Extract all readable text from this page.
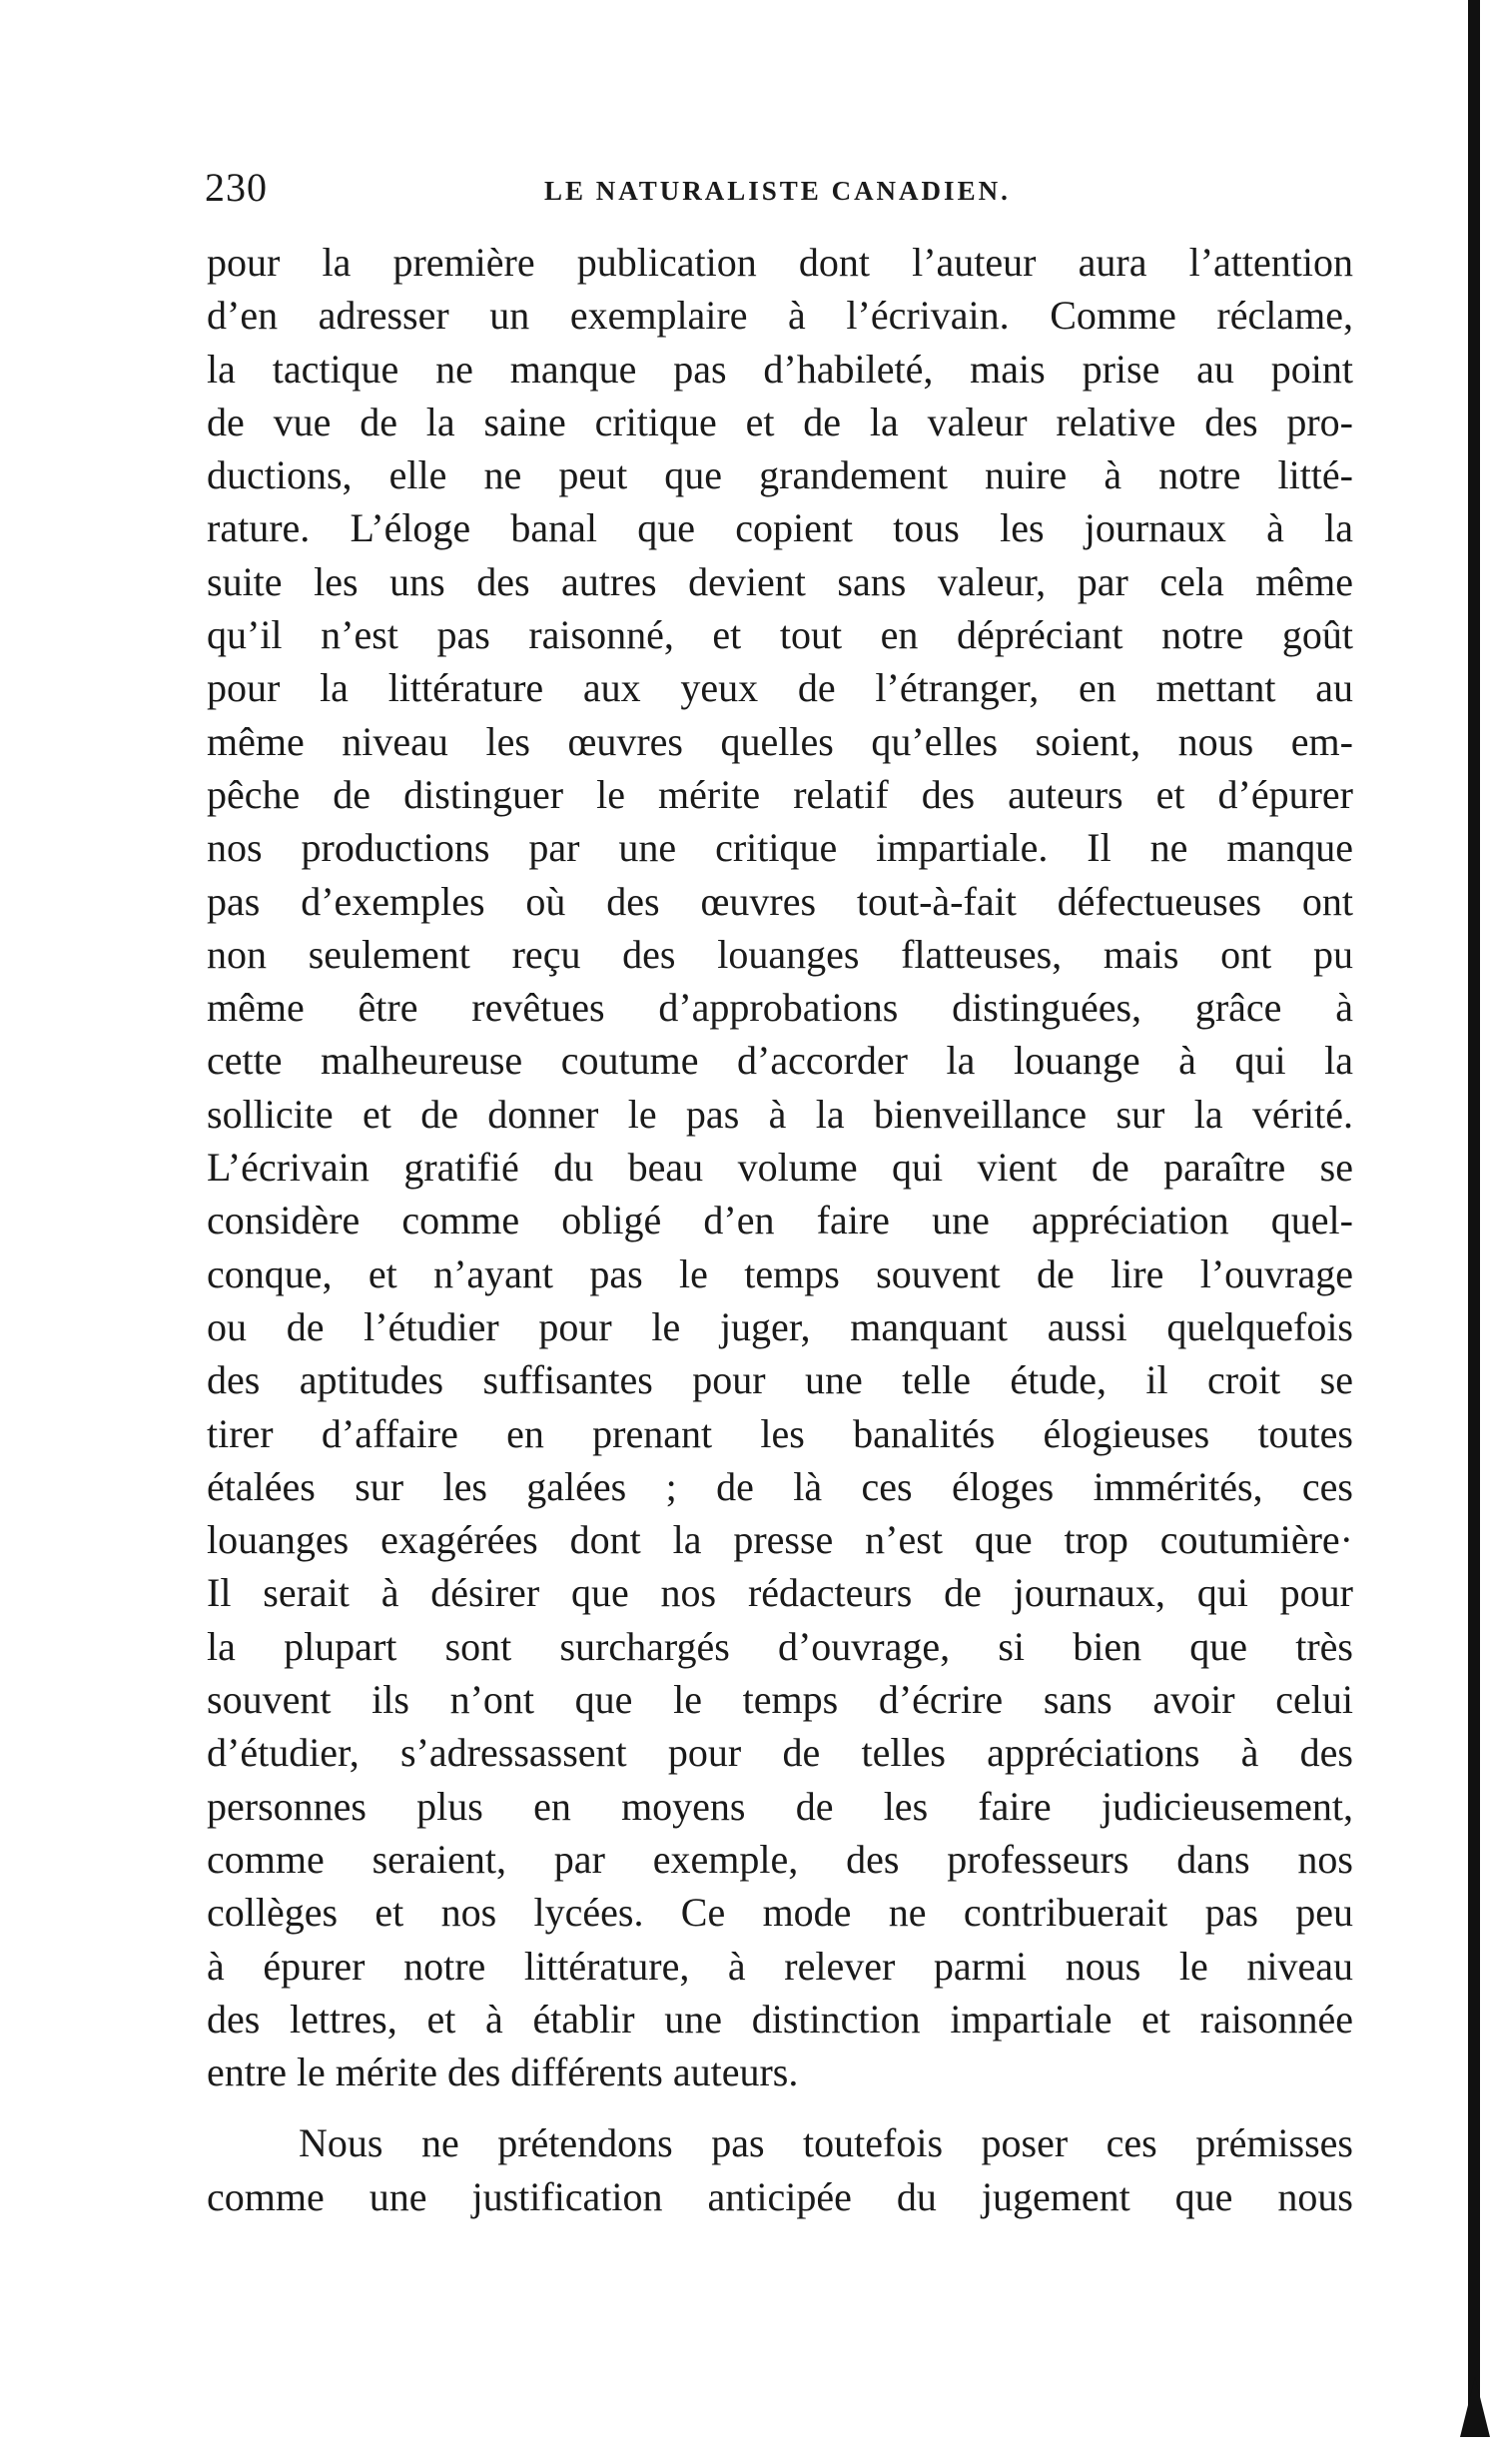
230	LE NATURALISTE CANADIEN.
pour la première publication dont l’auteur aura l’attention
d’en adresser un exemplaire à l’écrivain. Comme réclame,
la tactique ne manque pas d’habileté, mais prise au point
de vue de la saine critique et de la valeur relative des pro-
ductions, elle ne peut que grandement nuire à notre litté-
rature. L’éloge banal que copient tous les journaux à la
suite les uns des autres devient sans valeur, par cela même
qu’il n’est pas raisonné, et tout en dépréciant notre goût
pour la littérature aux yeux de l’étranger, en mettant au
même niveau les œuvres quelles qu’elles soient, nous em-
pêche de distinguer le mérite relatif des auteurs et d’épurer
nos productions par une critique impartiale. Il ne manque
pas d’exemples où des œuvres tout-à-fait défectueuses ont
non seulement reçu des louanges flatteuses, mais ont pu
même être revêtues d’approbations distinguées, grâce à
cette malheureuse coutume d’accorder la louange à qui la
sollicite et de donner le pas à la bienveillance sur la vérité.
L’écrivain gratifié du beau volume qui vient de paraître se
considère comme obligé d’en faire une appréciation quel-
conque, et n’ayant pas le temps souvent de lire l’ouvrage
ou de l’étudier pour le juger, manquant aussi quelquefois
des aptitudes suffisantes pour une telle étude, il croit se
tirer d’affaire en prenant les banalités élogieuses toutes
étalées sur les galées ; de là ces éloges immérités, ces
louanges exagérées dont la presse n’est que trop coutumière·
Il serait à désirer que nos rédacteurs de journaux, qui pour
la plupart sont surchargés d’ouvrage, si bien que très
souvent ils n’ont que le temps d’écrire sans avoir celui
d’étudier, s’adressassent pour de telles appréciations à des
personnes plus en moyens de les faire judicieusement,
comme seraient, par exemple, des professeurs dans nos
collèges et nos lycées. Ce mode ne contribuerait pas peu
à épurer notre littérature, à relever parmi nous le niveau
des lettres, et à établir une distinction impartiale et raisonnée
entre le mérite des différents auteurs.
Nous ne prétendons pas toutefois poser ces prémisses
comme une justification anticipée du jugement que nous
